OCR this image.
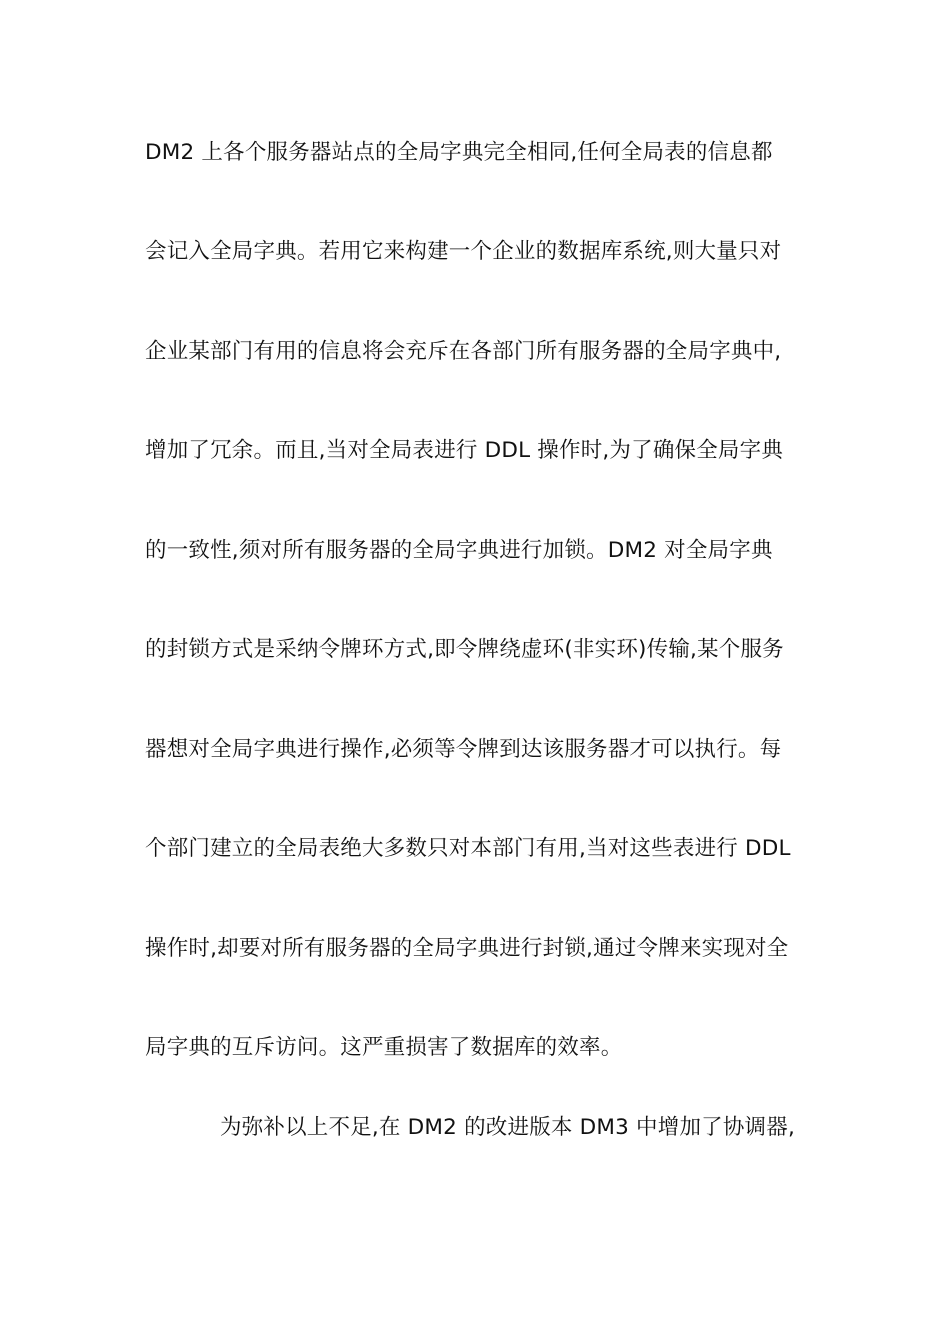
DM2 上各个服务器站点的全局字典完全相同,任何全局表的信息都
会记入全局字典。若用它来构建一个企业的数据库系统,则大量只对
企业某部门有用的信息将会充斥在各部门所有服务器的全局字典中,
增加了冗余。而且,当对全局表进行 DDL 操作时,为了确保全局字典
的一致性,须对所有服务器的全局字典进行加锁。DM2 对全局字典
的封锁方式是采纳令牌环方式,即令牌绕虚环(非实环)传输,某个服务
器想对全局字典进行操作,必须等令牌到达该服务器才可以执行。每
个部门建立的全局表绝大多数只对本部门有用,当对这些表进行 DDL
操作时,却要对所有服务器的全局字典进行封锁,通过令牌来实现对全
局字典的互斥访问。这严重损害了数据库的效率。
为弥补以上不足,在 DM2 的改进版本 DM3 中增加了协调器,
